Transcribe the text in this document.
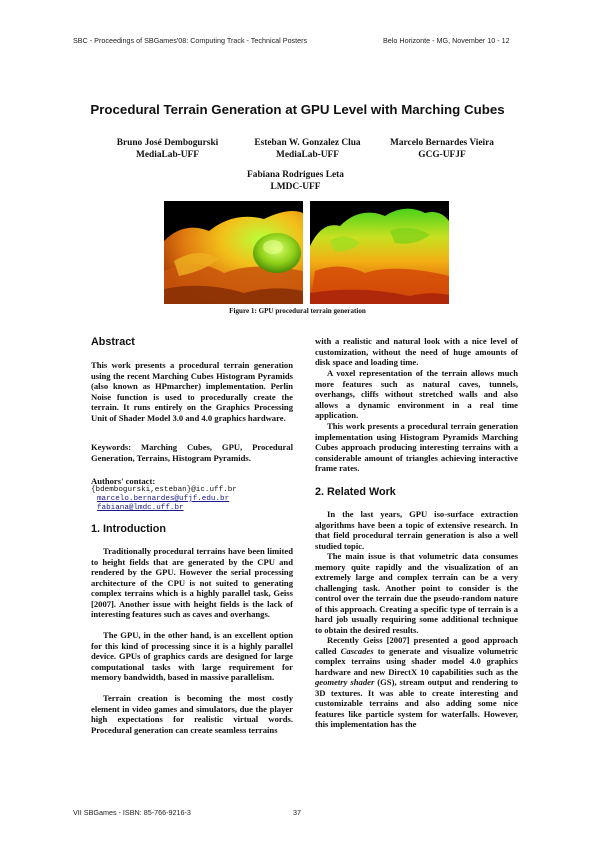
SBC - Proceedings of SBGames'08: Computing Track - Technical Posters	Belo Horizonte - MG, November 10 - 12
Procedural Terrain Generation at GPU Level with Marching Cubes
Bruno José Dembogurski
MediaLab-UFF
Esteban W. Gonzalez Clua
MediaLab-UFF
Marcelo Bernardes Vieira
GCG-UFJF
Fabiana Rodrigues Leta
LMDC-UFF
Figure 1: GPU procedural terrain generation
Abstract

This work presents a procedural terrain generation using the recent Marching Cubes Histogram Pyramids (also known as HPmarcher) implementation. Perlin Noise function is used to procedurally create the terrain. It runs entirely on the Graphics Processing Unit of Shader Model 3.0 and 4.0 graphics hardware.

Keywords: Marching Cubes, GPU, Procedural Generation, Terrains, Histogram Pyramids.

Authors' contact:

{bdembogurski,esteban}@ic.uff.br
marcelo.bernardes@ufjf.edu.br
fabiana@lmdc.uff.br
1. Introduction

Traditionally procedural terrains have been limited to height fields that are generated by the CPU and rendered by the GPU. However the serial processing architecture of the CPU is not suited to generating complex terrains which is a highly parallel task, Geiss [2007]. Another issue with height fields is the lack of interesting features such as caves and overhangs.

The GPU, in the other hand, is an excellent option for this kind of processing since it is a highly parallel device. GPUs of graphics cards are designed for large computational tasks with large requirement for memory bandwidth, based in massive parallelism.

Terrain creation is becoming the most costly element in video games and simulators, due the player high expectations for realistic virtual words. Procedural generation can create seamless terrains

with a realistic and natural look with a nice level of customization, without the need of huge amounts of disk space and loading time.

A voxel representation of the terrain allows much more features such as natural caves, tunnels, overhangs, cliffs without stretched walls and also allows a dynamic environment in a real time application.

This work presents a procedural terrain generation implementation using Histogram Pyramids Marching Cubes approach producing interesting terrains with a considerable amount of triangles achieving interactive frame rates.

2. Related Work

In the last years, GPU iso-surface extraction algorithms have been a topic of extensive research. In that field procedural terrain generation is also a well studied topic.

The main issue is that volumetric data consumes memory quite rapidly and the visualization of an extremely large and complex terrain can be a very challenging task. Another point to consider is the control over the terrain due the pseudo-random nature of this approach. Creating a specific type of terrain is a hard job usually requiring some additional technique to obtain the desired results.

Recently Geiss [2007] presented a good approach called Cascades to generate and visualize volumetric complex terrains using shader model 4.0 graphics hardware and new DirectX 10 capabilities such as the geometry shader (GS), stream output and rendering to 3D textures. It was able to create interesting and customizable terrains and also adding some nice features like particle system for waterfalls. However, this implementation has the

VII SBGames - ISBN: 85-766-9216-3	37
